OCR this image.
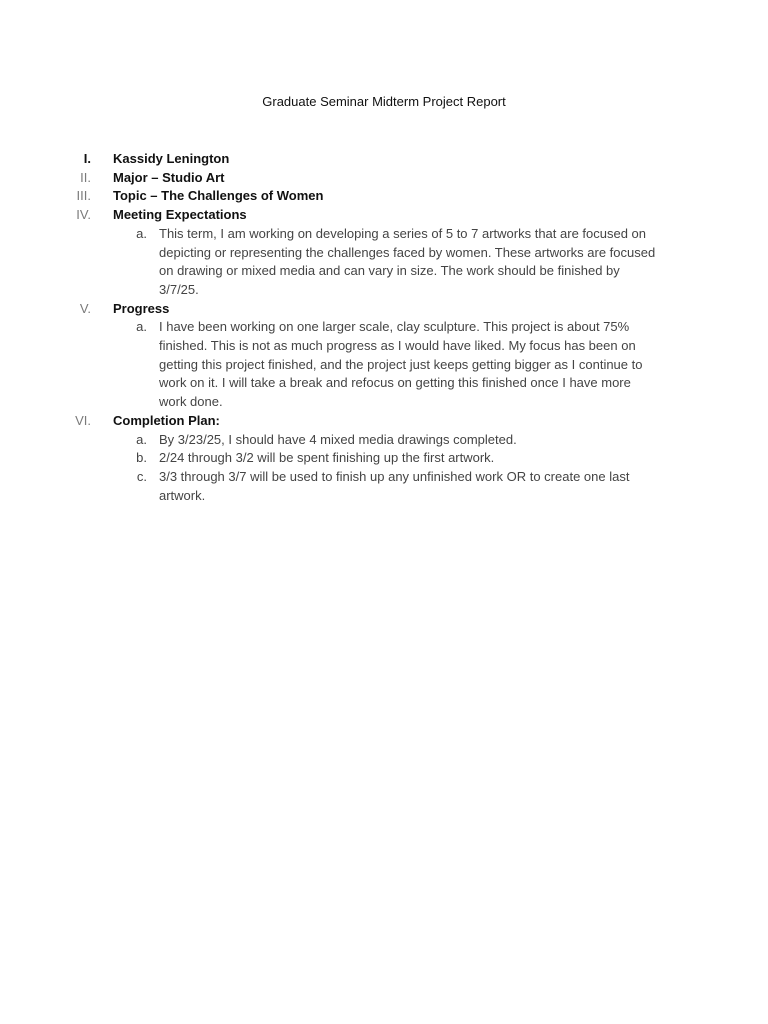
Graduate Seminar Midterm Project Report
I.	Kassidy Lenington
II.	Major – Studio Art
III.	Topic – The Challenges of Women
IV.	Meeting Expectations
a. This term, I am working on developing a series of 5 to 7 artworks that are focused on depicting or representing the challenges faced by women. These artworks are focused on drawing or mixed media and can vary in size. The work should be finished by 3/7/25.
V.	Progress
a. I have been working on one larger scale, clay sculpture. This project is about 75% finished. This is not as much progress as I would have liked. My focus has been on getting this project finished, and the project just keeps getting bigger as I continue to work on it. I will take a break and refocus on getting this finished once I have more work done.
VI.	Completion Plan:
a. By 3/23/25, I should have 4 mixed media drawings completed.
b. 2/24 through 3/2 will be spent finishing up the first artwork.
c. 3/3 through 3/7 will be used to finish up any unfinished work OR to create one last artwork.
